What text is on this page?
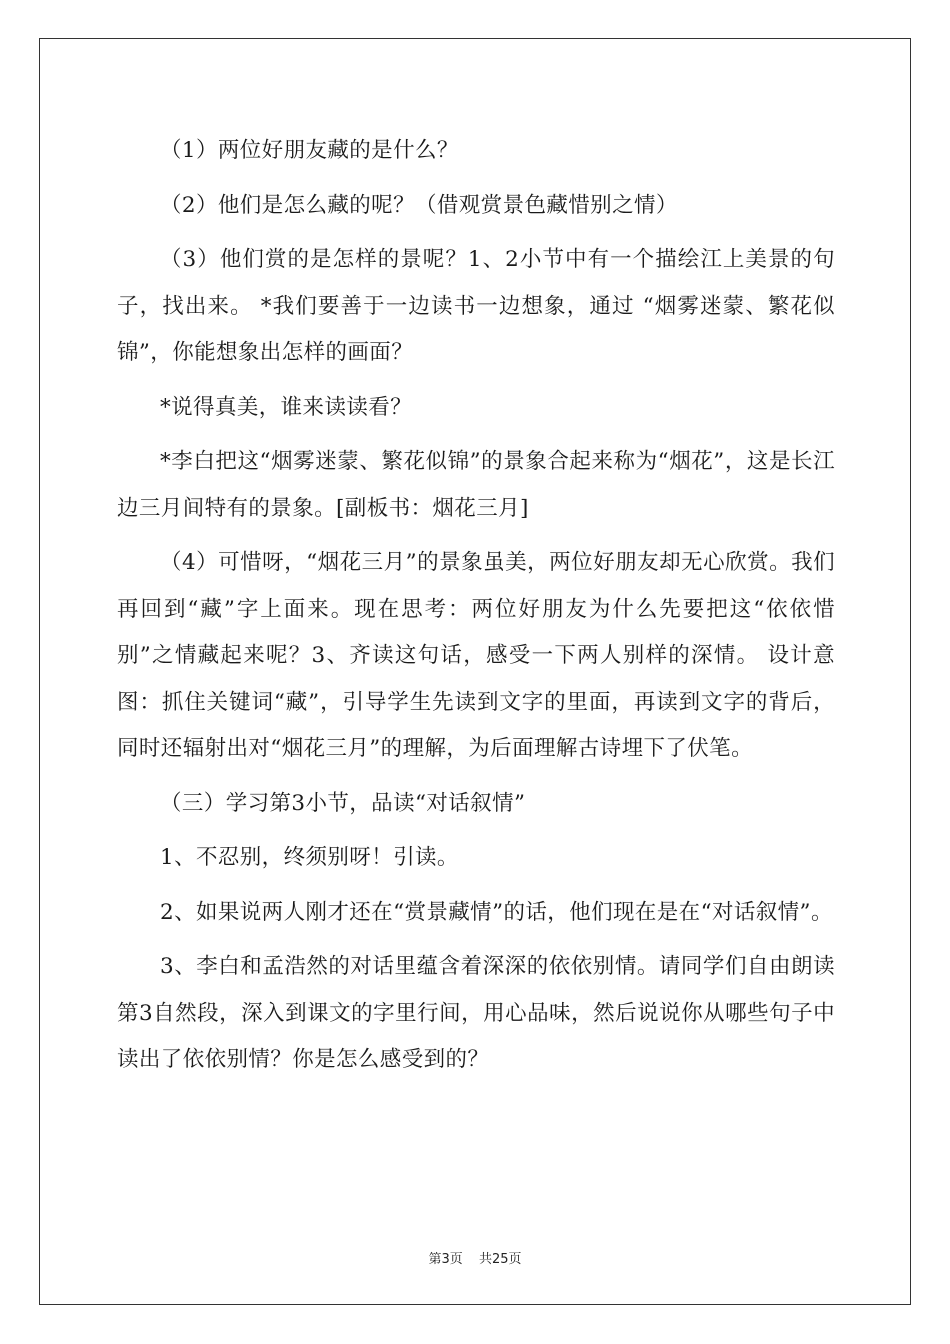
（1）两位好朋友藏的是什么？

（2）他们是怎么藏的呢？（借观赏景色藏惜别之情）

（3）他们赏的是怎样的景呢？1、2小节中有一个描绘江上美景的句子，找出来。 *我们要善于一边读书一边想象，通过 “烟雾迷蒙、繁花似锦”，你能想象出怎样的画面？

*说得真美，谁来读读看？

*李白把这“烟雾迷蒙、繁花似锦”的景象合起来称为“烟花”，这是长江边三月间特有的景象。[副板书：烟花三月]

（4）可惜呀，“烟花三月”的景象虽美，两位好朋友却无心欣赏。我们再回到“藏”字上面来。现在思考：两位好朋友为什么先要把这“依依惜别”之情藏起来呢？3、齐读这句话，感受一下两人别样的深情。 设计意图：抓住关键词“藏”，引导学生先读到文字的里面，再读到文字的背后，同时还辐射出对“烟花三月”的理解，为后面理解古诗埋下了伏笔。

（三）学习第3小节，品读“对话叙情”

1、不忍别，终须别呀！引读。

2、如果说两人刚才还在“赏景藏情”的话，他们现在是在“对话叙情”。

3、李白和孟浩然的对话里蕴含着深深的依依别情。请同学们自由朗读第3自然段，深入到课文的字里行间，用心品味，然后说说你从哪些句子中读出了依依别情？你是怎么感受到的？

第3页 共25页
